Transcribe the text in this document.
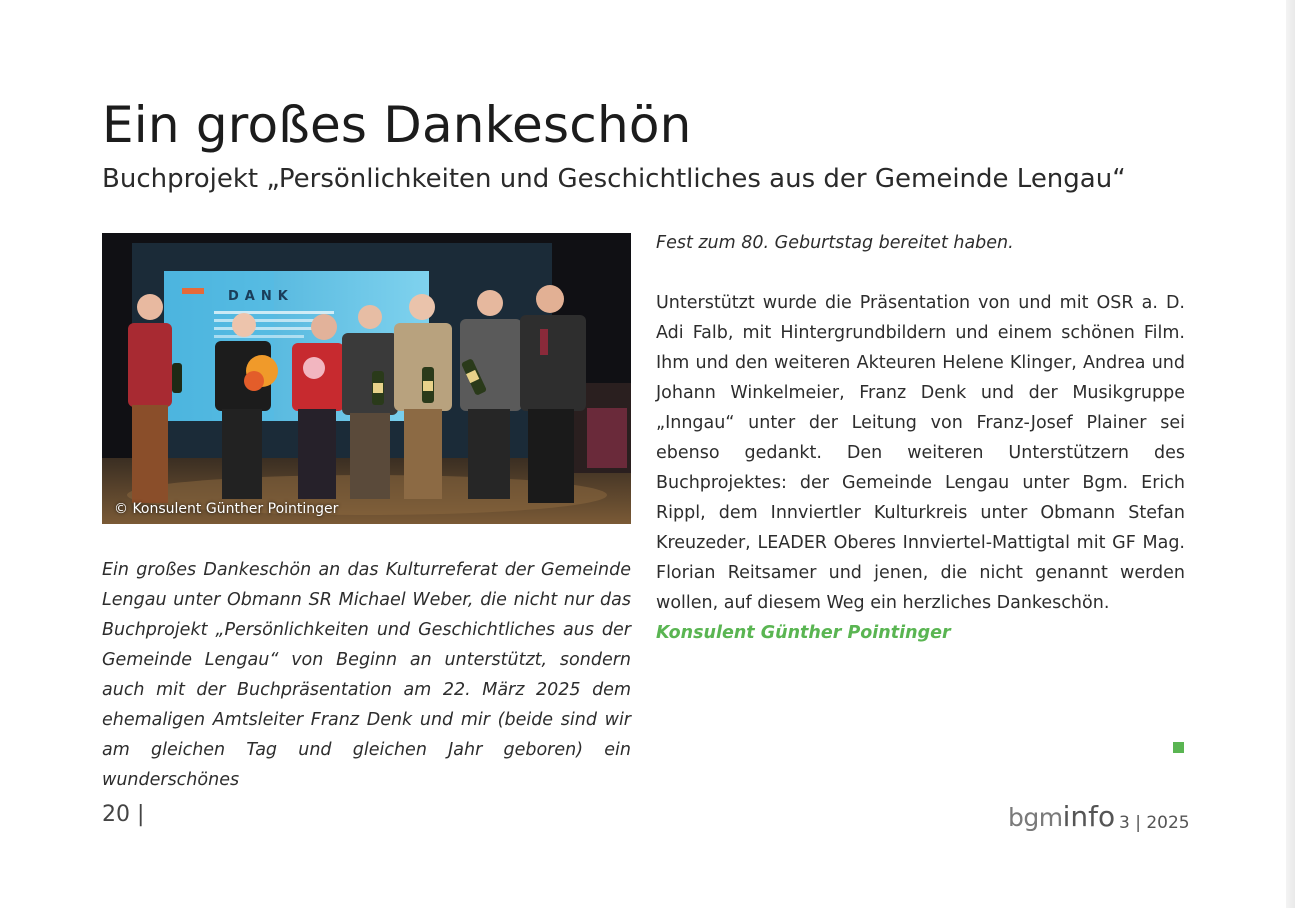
Ein großes Dankeschön
Buchprojekt „Persönlichkeiten und Geschichtliches aus der Gemeinde Lengau“
DANK
© Konsulent Günther Pointinger

Ein großes Dankeschön an das Kulturreferat der Gemeinde Lengau unter Obmann SR Michael Weber, die nicht nur das Buchprojekt „Persönlichkeiten und Geschichtliches aus der Gemeinde Lengau“ von Beginn an unterstützt, sondern auch mit der Buchpräsentation am 22. März 2025 dem ehemaligen Amtsleiter Franz Denk und mir (beide sind wir am gleichen Tag und gleichen Jahr geboren) ein wunderschönes

Fest zum 80. Geburtstag bereitet haben.

Unterstützt wurde die Präsentation von und mit OSR a. D. Adi Falb, mit Hintergrundbildern und einem schönen Film. Ihm und den weiteren Akteuren Helene Klinger, Andrea und Johann Winkelmeier, Franz Denk und der Musikgruppe „Inngau“ unter der Leitung von Franz-Josef Plainer sei ebenso gedankt. Den weiteren Unterstützern des Buchprojektes: der Gemeinde Lengau unter Bgm. Erich Rippl, dem Innviertler Kulturkreis unter Obmann Stefan Kreuzeder, LEADER Oberes Innviertel-Mattigtal mit GF Mag. Florian Reitsamer und jenen, die nicht genannt werden wollen, auf diesem Weg ein herzliches Dankeschön.

Konsulent Günther Pointinger

20 |	bgminfo 3 | 2025
